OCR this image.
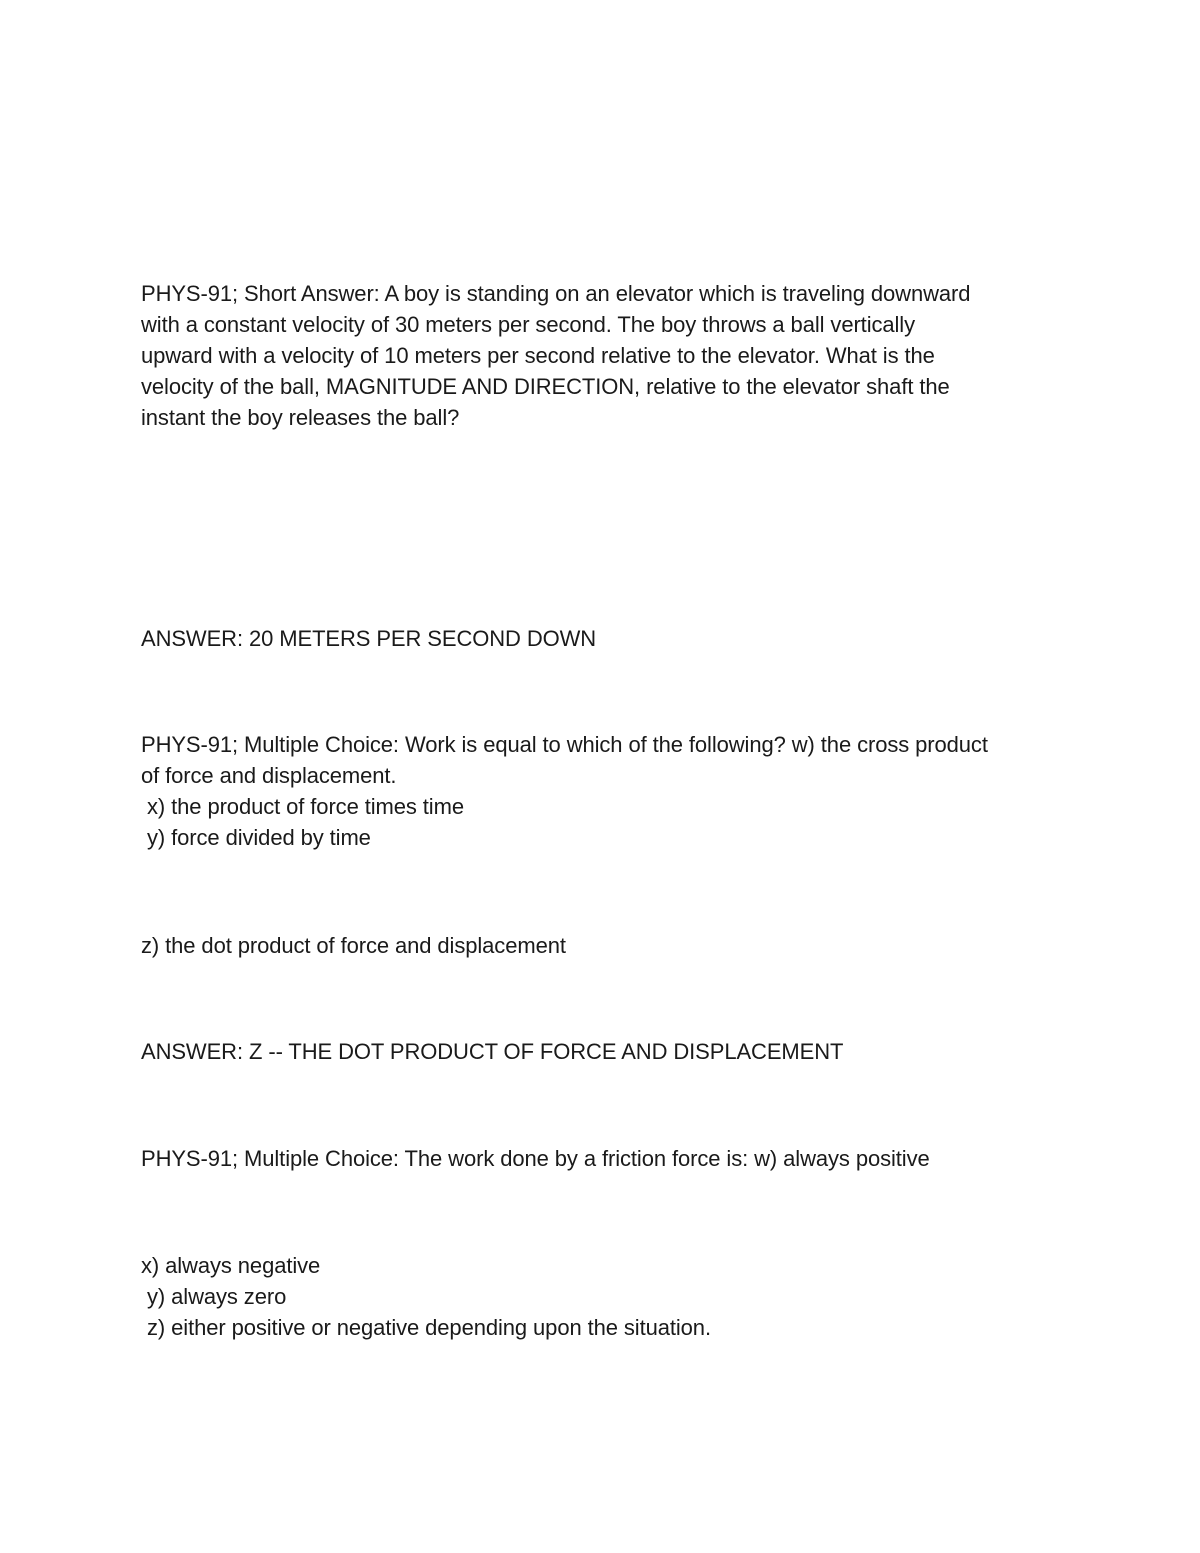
PHYS-91; Short Answer: A boy is standing on an elevator which is traveling downward
with a constant velocity of 30 meters per second. The boy throws a ball vertically
upward with a velocity of 10 meters per second relative to the elevator. What is the
velocity of the ball, MAGNITUDE AND DIRECTION, relative to the elevator shaft the
instant the boy releases the ball?
ANSWER: 20 METERS PER SECOND DOWN
PHYS-91; Multiple Choice: Work is equal to which of the following? w) the cross product
of force and displacement.
x) the product of force times time
y) force divided by time
z) the dot product of force and displacement
ANSWER: Z -- THE DOT PRODUCT OF FORCE AND DISPLACEMENT
PHYS-91; Multiple Choice: The work done by a friction force is: w) always positive
x) always negative
y) always zero
z) either positive or negative depending upon the situation.
